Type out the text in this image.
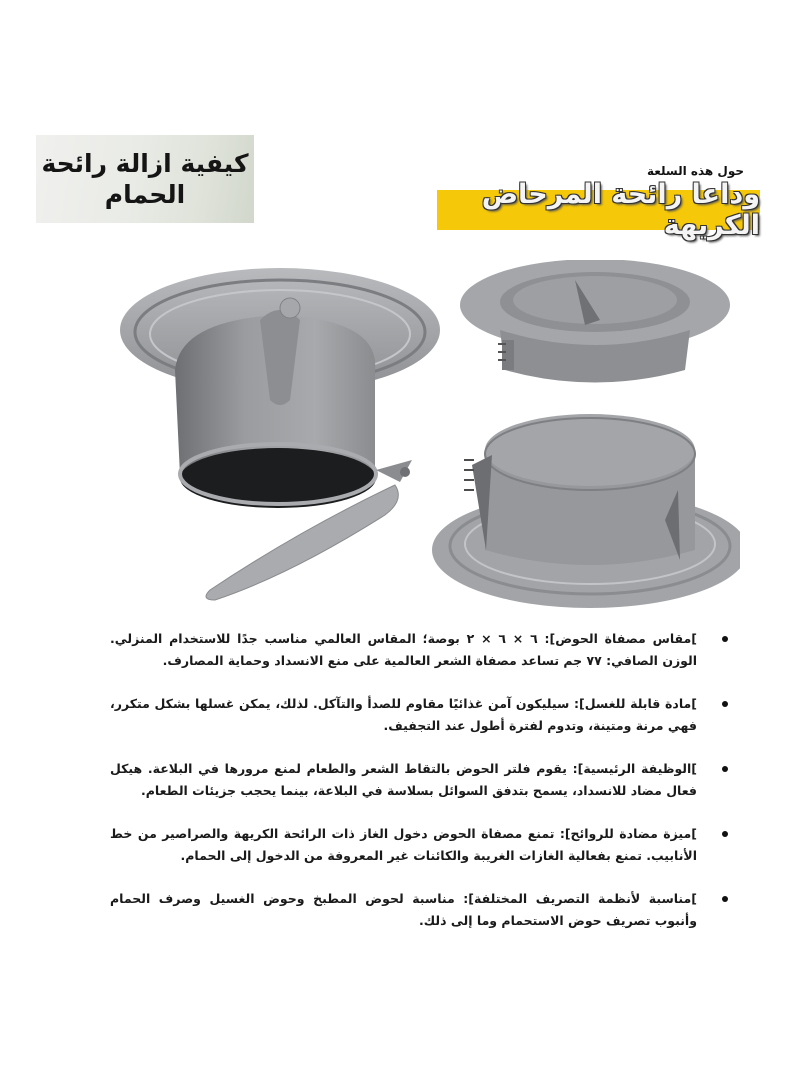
كيفية ازالة رائحة
الحمام
حول هذه السلعة
وداعا رائحة المرحاض الكريهة
]مقاس مصفاة الحوض]: ٦ × ٦ × ٢ بوصة؛ المقاس العالمي مناسب جدًا للاستخدام المنزلي. الوزن الصافي: ٧٧ جم تساعد مصفاة الشعر العالمية على منع الانسداد وحماية المصارف.
]مادة قابلة للغسل]: سيليكون آمن غذائيًا مقاوم للصدأ والتآكل. لذلك، يمكن غسلها بشكل متكرر، فهي مرنة ومتينة، وتدوم لفترة أطول عند التجفيف.
]الوظيفة الرئيسية]: يقوم فلتر الحوض بالتقاط الشعر والطعام لمنع مرورها في البلاعة. هيكل فعال مضاد للانسداد، يسمح بتدفق السوائل بسلاسة في البلاعة، بينما يحجب جزيئات الطعام.
]ميزة مضادة للروائح]: تمنع مصفاة الحوض دخول الغاز ذات الرائحة الكريهة والصراصير من خط الأنابيب. تمنع بفعالية الغازات الغريبة والكائنات غير المعروفة من الدخول إلى الحمام.
]مناسبة لأنظمة التصريف المختلفة]: مناسبة لحوض المطبخ وحوض الغسيل وصرف الحمام وأنبوب تصريف حوض الاستحمام وما إلى ذلك.
